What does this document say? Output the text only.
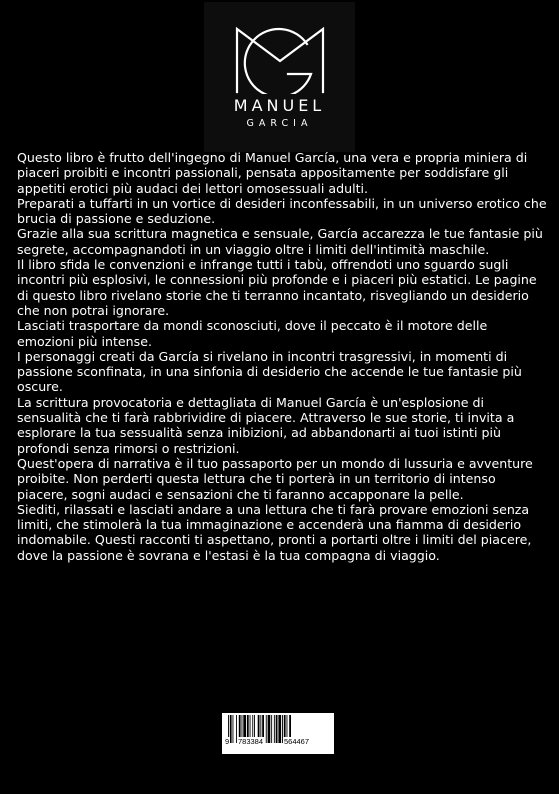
MANUEL
GARCIA

Questo libro è frutto dell'ingegno di Manuel García, una vera e propria miniera di piaceri proibiti e incontri passionali, pensata appositamente per soddisfare gli appetiti erotici più audaci dei lettori omosessuali adulti.

Preparati a tuffarti in un vortice di desideri inconfessabili, in un universo erotico che brucia di passione e seduzione.

Grazie alla sua scrittura magnetica e sensuale, García accarezza le tue fantasie più segrete, accompagnandoti in un viaggio oltre i limiti dell'intimità maschile.

Il libro sfida le convenzioni e infrange tutti i tabù, offrendoti uno sguardo sugli incontri più esplosivi, le connessioni più profonde e i piaceri più estatici. Le pagine di questo libro rivelano storie che ti terranno incantato, risvegliando un desiderio che non potrai ignorare.

Lasciati trasportare da mondi sconosciuti, dove il peccato è il motore delle emozioni più intense.

I personaggi creati da García si rivelano in incontri trasgressivi, in momenti di passione sconfinata, in una sinfonia di desiderio che accende le tue fantasie più oscure.

La scrittura provocatoria e dettagliata di Manuel García è un'esplosione di sensualità che ti farà rabbrividire di piacere. Attraverso le sue storie, ti invita a esplorare la tua sessualità senza inibizioni, ad abbandonarti ai tuoi istinti più profondi senza rimorsi o restrizioni.

Quest'opera di narrativa è il tuo passaporto per un mondo di lussuria e avventure proibite. Non perderti questa lettura che ti porterà in un territorio di intenso piacere, sogni audaci e sensazioni che ti faranno accapponare la pelle.

Siediti, rilassati e lasciati andare a una lettura che ti farà provare emozioni senza limiti, che stimolerà la tua immaginazione e accenderà una fiamma di desiderio indomabile. Questi racconti ti aspettano, pronti a portarti oltre i limiti del piacere, dove la passione è sovrana e l'estasi è la tua compagna di viaggio.

9 783384	564467
